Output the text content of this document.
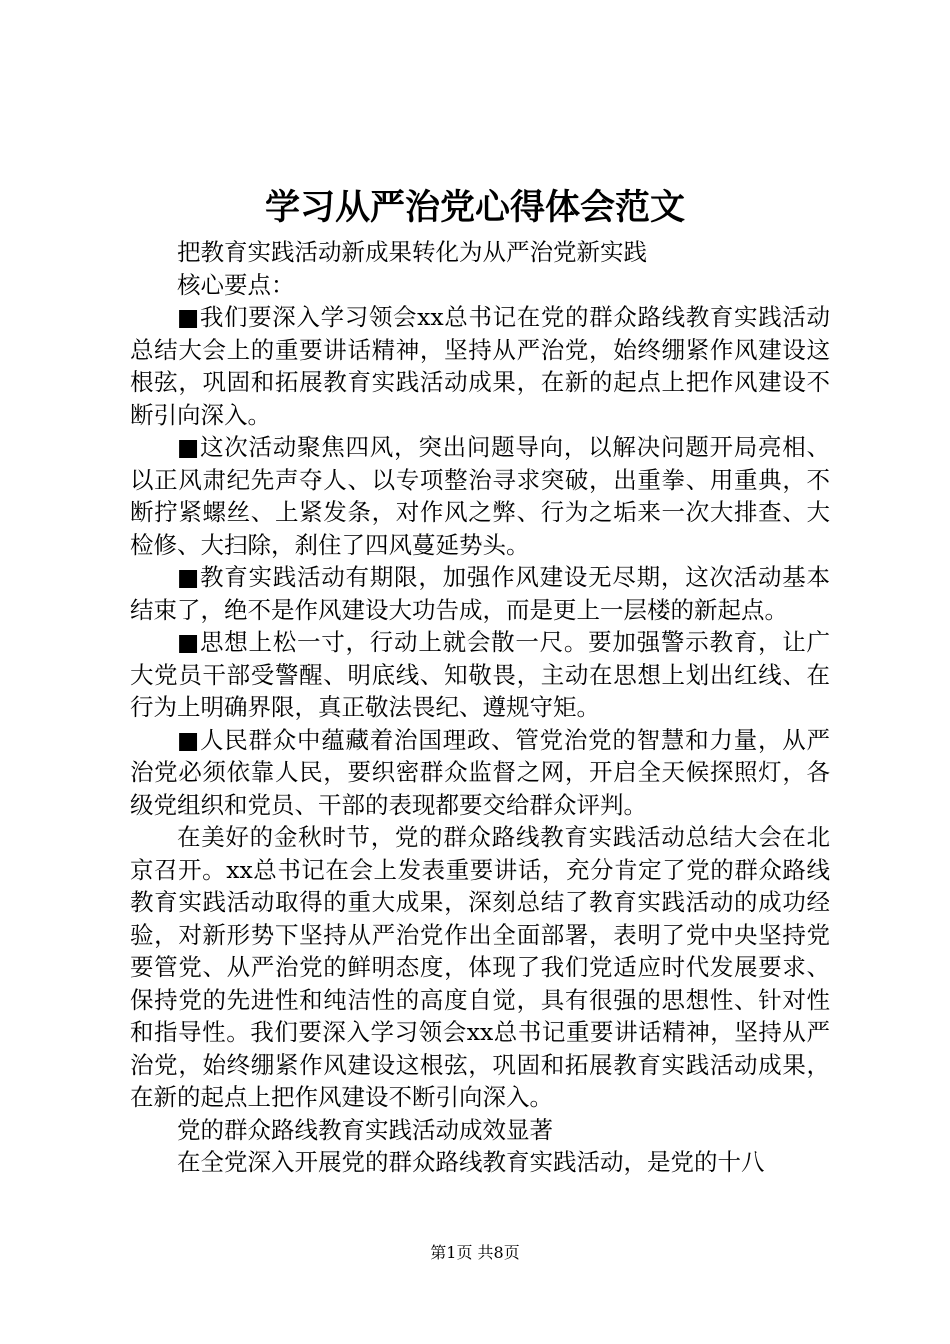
学习从严治党心得体会范文

把教育实践活动新成果转化为从严治党新实践

核心要点：

■我们要深入学习领会xx总书记在党的群众路线教育实践活动总结大会上的重要讲话精神，坚持从严治党，始终绷紧作风建设这根弦，巩固和拓展教育实践活动成果，在新的起点上把作风建设不断引向深入。

■这次活动聚焦四风，突出问题导向，以解决问题开局亮相、以正风肃纪先声夺人、以专项整治寻求突破，出重拳、用重典，不断拧紧螺丝、上紧发条，对作风之弊、行为之垢来一次大排查、大检修、大扫除，刹住了四风蔓延势头。

■教育实践活动有期限，加强作风建设无尽期，这次活动基本结束了，绝不是作风建设大功告成，而是更上一层楼的新起点。

■思想上松一寸，行动上就会散一尺。要加强警示教育，让广大党员干部受警醒、明底线、知敬畏，主动在思想上划出红线、在行为上明确界限，真正敬法畏纪、遵规守矩。

■人民群众中蕴藏着治国理政、管党治党的智慧和力量，从严治党必须依靠人民，要织密群众监督之网，开启全天候探照灯，各级党组织和党员、干部的表现都要交给群众评判。

在美好的金秋时节，党的群众路线教育实践活动总结大会在北京召开。xx总书记在会上发表重要讲话，充分肯定了党的群众路线教育实践活动取得的重大成果，深刻总结了教育实践活动的成功经验，对新形势下坚持从严治党作出全面部署，表明了党中央坚持党要管党、从严治党的鲜明态度，体现了我们党适应时代发展要求、保持党的先进性和纯洁性的高度自觉，具有很强的思想性、针对性和指导性。我们要深入学习领会xx总书记重要讲话精神，坚持从严治党，始终绷紧作风建设这根弦，巩固和拓展教育实践活动成果，在新的起点上把作风建设不断引向深入。

党的群众路线教育实践活动成效显著

在全党深入开展党的群众路线教育实践活动，是党的十八

第1页 共8页
